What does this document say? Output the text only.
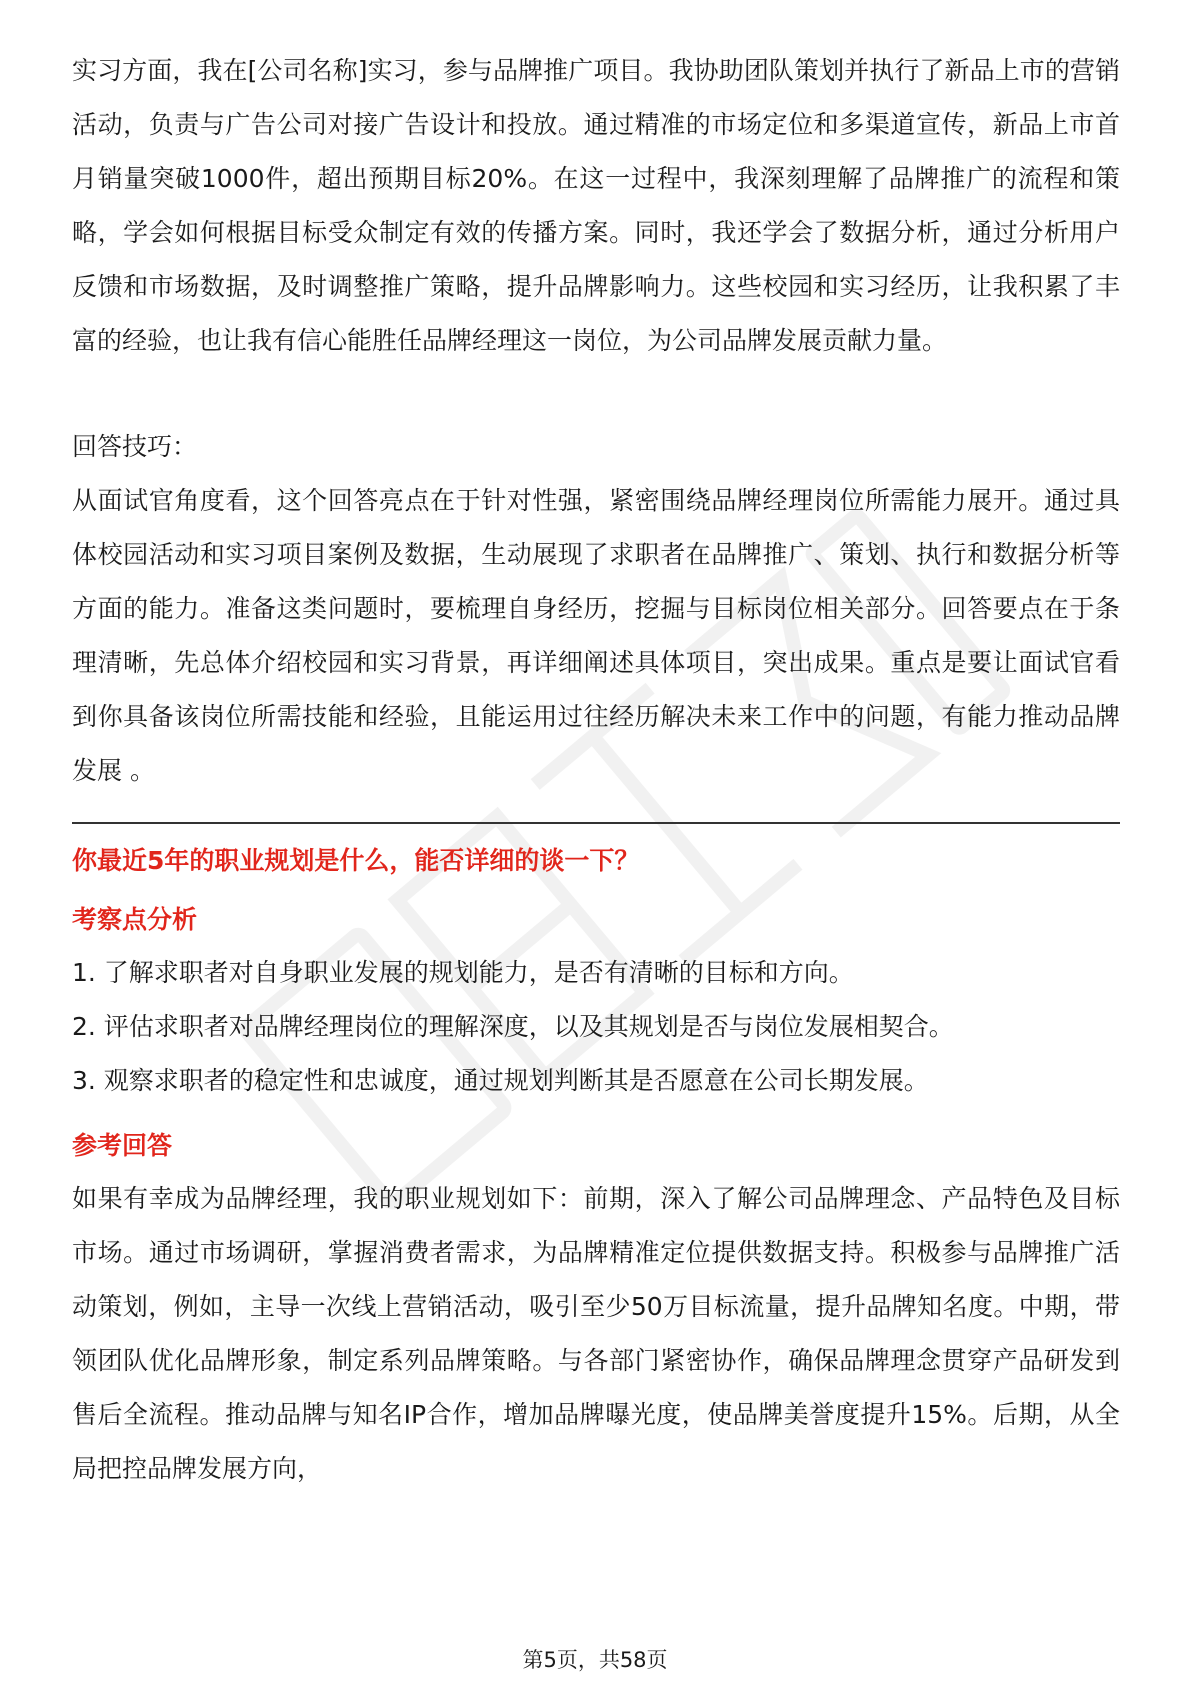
实习方面，我在[公司名称]实习，参与品牌推广项目。我协助团队策划并执行了新品上市的营销活动，负责与广告公司对接广告设计和投放。通过精准的市场定位和多渠道宣传，新品上市首月销量突破1000件，超出预期目标20%。在这一过程中，我深刻理解了品牌推广的流程和策略，学会如何根据目标受众制定有效的传播方案。同时，我还学会了数据分析，通过分析用户反馈和市场数据，及时调整推广策略，提升品牌影响力。这些校园和实习经历，让我积累了丰富的经验，也让我有信心能胜任品牌经理这一岗位，为公司品牌发展贡献力量。

回答技巧：

从面试官角度看，这个回答亮点在于针对性强，紧密围绕品牌经理岗位所需能力展开。通过具体校园活动和实习项目案例及数据，生动展现了求职者在品牌推广、策划、执行和数据分析等方面的能力。准备这类问题时，要梳理自身经历，挖掘与目标岗位相关部分。回答要点在于条理清晰，先总体介绍校园和实习背景，再详细阐述具体项目，突出成果。重点是要让面试官看到你具备该岗位所需技能和经验，且能运用过往经历解决未来工作中的问题，有能力推动品牌发展 。

你最近5年的职业规划是什么，能否详细的谈一下？

考察点分析

1. 了解求职者对自身职业发展的规划能力，是否有清晰的目标和方向。

2. 评估求职者对品牌经理岗位的理解深度，以及其规划是否与岗位发展相契合。

3. 观察求职者的稳定性和忠诚度，通过规划判断其是否愿意在公司长期发展。

参考回答

如果有幸成为品牌经理，我的职业规划如下：前期，深入了解公司品牌理念、产品特色及目标市场。通过市场调研，掌握消费者需求，为品牌精准定位提供数据支持。积极参与品牌推广活动策划，例如，主导一次线上营销活动，吸引至少50万目标流量，提升品牌知名度。中期，带领团队优化品牌形象，制定系列品牌策略。与各部门紧密协作，确保品牌理念贯穿产品研发到售后全流程。推动品牌与知名IP合作，增加品牌曝光度，使品牌美誉度提升15%。后期，从全局把控品牌发展方向，

第5页，共58页
